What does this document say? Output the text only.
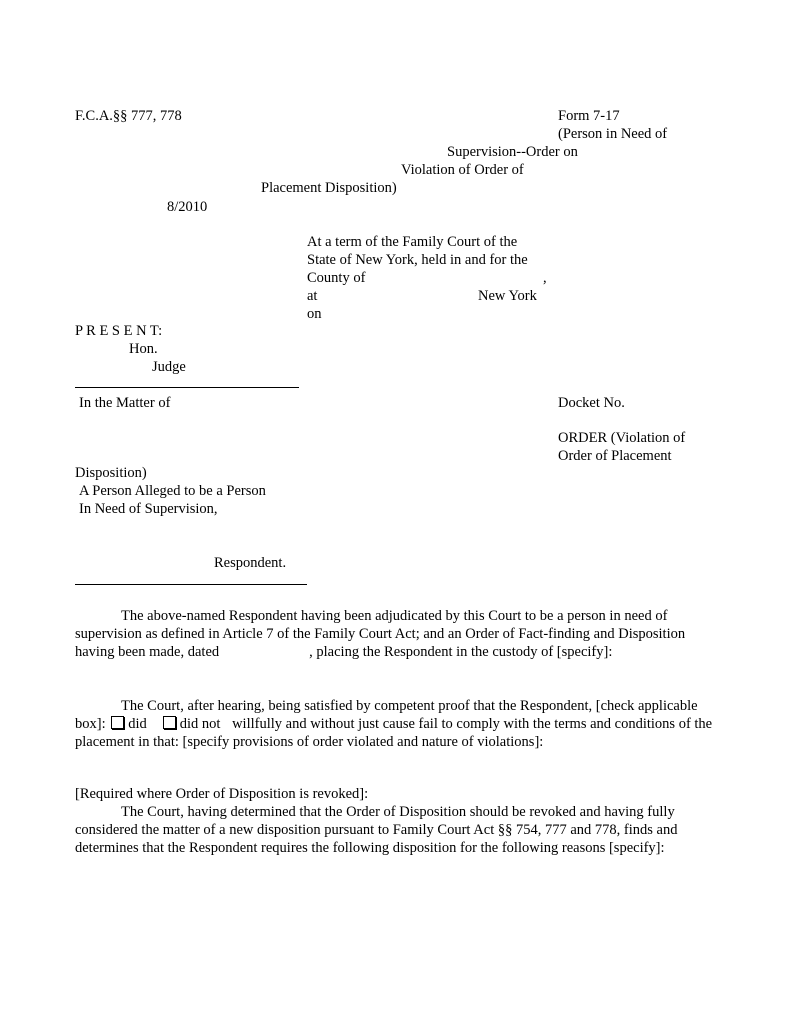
F.C.A.§§ 777, 778	Form 7-17
(Person in Need of
Supervision--Order on
Violation of Order of
Placement Disposition)
8/2010
At a term of the Family Court of the
State of New York, held in and for the
County of	,
at	New York
on
P R E S E N T:
Hon.
Judge
In the Matter of	Docket No.
ORDER (Violation of
Order of Placement
Disposition)
A Person Alleged to be a Person
In Need of Supervision,
Respondent.
The above-named Respondent having been adjudicated by this Court to be a person in need of supervision as defined in Article 7 of the Family Court Act; and an Order of Fact-finding and Disposition having been made, dated	, placing the Respondent in the custody of [specify]:
The Court, after hearing, being satisfied by competent proof that the Respondent, [check applicable box]: did did not willfully and without just cause fail to comply with the terms and conditions of the placement in that: [specify provisions of order violated and nature of violations]:
[Required where Order of Disposition is revoked]:
The Court, having determined that the Order of Disposition should be revoked and having fully considered the matter of a new disposition pursuant to Family Court Act §§ 754, 777 and 778, finds and determines that the Respondent requires the following disposition for the following reasons [specify]:
